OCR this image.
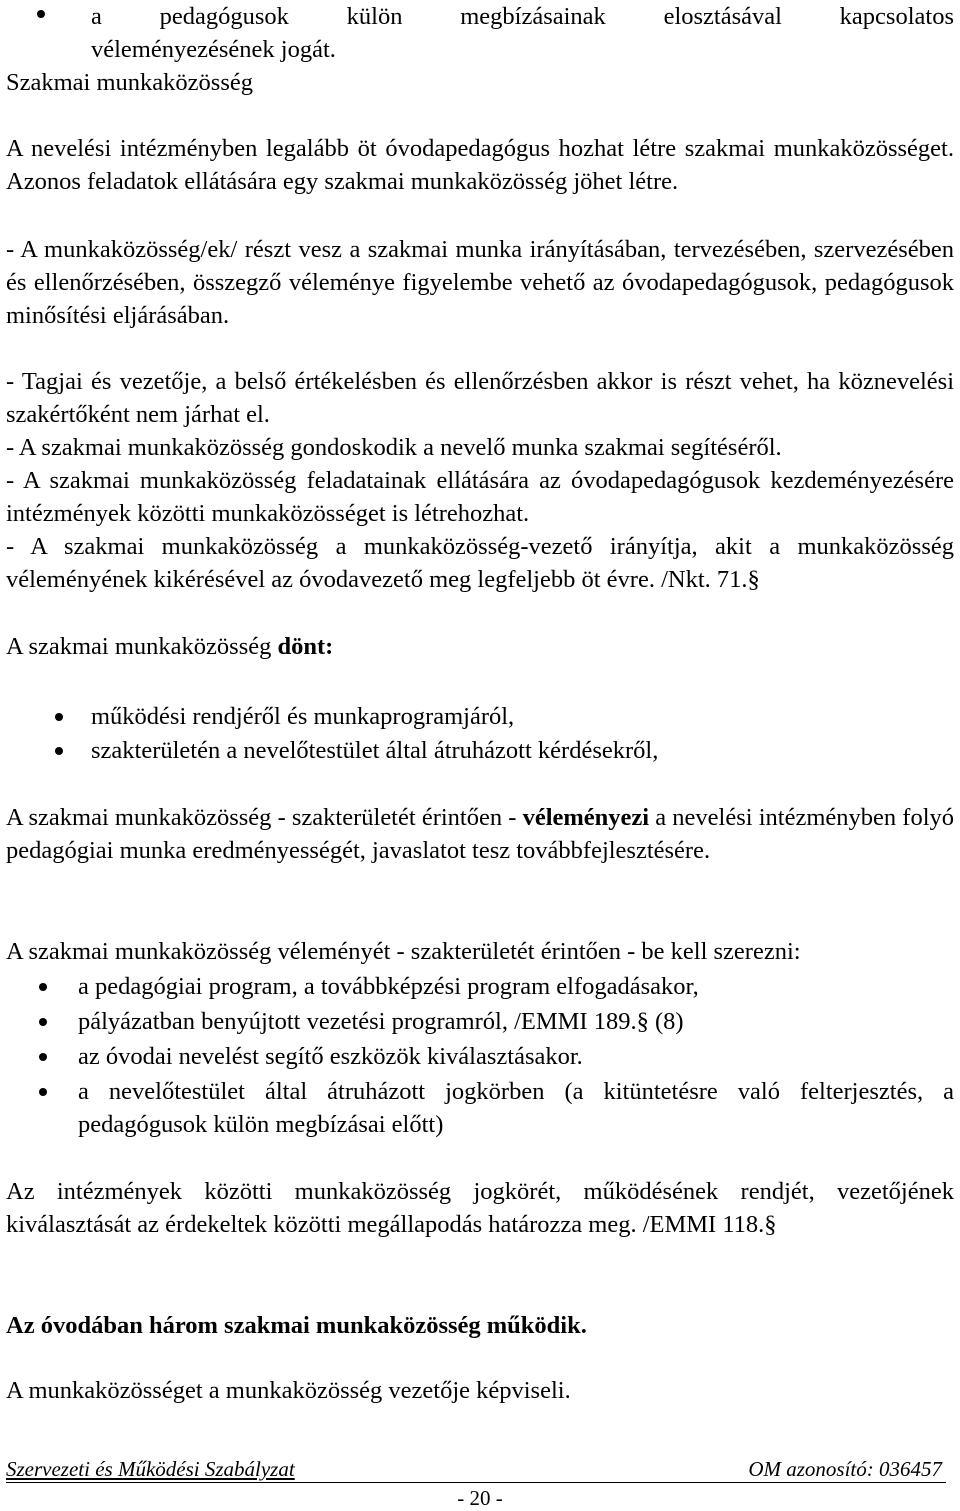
a pedagógusok külön megbízásainak elosztásával kapcsolatos
véleményezésének jogát.

Szakmai munkaközösség

A nevelési intézményben legalább öt óvodapedagógus hozhat létre szakmai munkaközösséget. Azonos feladatok ellátására egy szakmai munkaközösség jöhet létre.

- A munkaközösség/ek/ részt vesz a szakmai munka irányításában, tervezésében, szervezésében és ellenőrzésében, összegző véleménye figyelembe vehető az óvodapedagógusok, pedagógusok minősítési eljárásában.

- Tagjai és vezetője, a belső értékelésben és ellenőrzésben akkor is részt vehet, ha köznevelési szakértőként nem járhat el.

- A szakmai munkaközösség gondoskodik a nevelő munka szakmai segítéséről.

- A szakmai munkaközösség feladatainak ellátására az óvodapedagógusok kezdeményezésére intézmények közötti munkaközösséget is létrehozhat.

- A szakmai munkaközösség a munkaközösség-vezető irányítja, akit a munkaközösség véleményének kikérésével az óvodavezető meg legfeljebb öt évre. /Nkt. 71. §

A szakmai munkaközösség dönt:

működési rendjéről és munkaprogramjáról,
szakterületén a nevelőtestület által átruházott kérdésekről,

A szakmai munkaközösség - szakterületét érintően - véleményezi a nevelési intézményben folyó pedagógiai munka eredményességét, javaslatot tesz továbbfejlesztésére.

A szakmai munkaközösség véleményét - szakterületét érintően - be kell szerezni:

a pedagógiai program, a továbbképzési program elfogadásakor,
pályázatban benyújtott vezetési programról, /EMMI 189. § (8)
az óvodai nevelést segítő eszközök kiválasztásakor.
a nevelőtestület által átruházott jogkörben (a kitüntetésre való felterjesztés, a pedagógusok külön megbízásai előtt)

Az intézmények közötti munkaközösség jogkörét, működésének rendjét, vezetőjének kiválasztását az érdekeltek közötti megállapodás határozza meg. /EMMI 118. §

Az óvodában három szakmai munkaközösség működik.

A munkaközösséget a munkaközösség vezetője képviseli.

Szervezeti és Működési Szabályzat	OM azonosító: 036457
- 20 -
